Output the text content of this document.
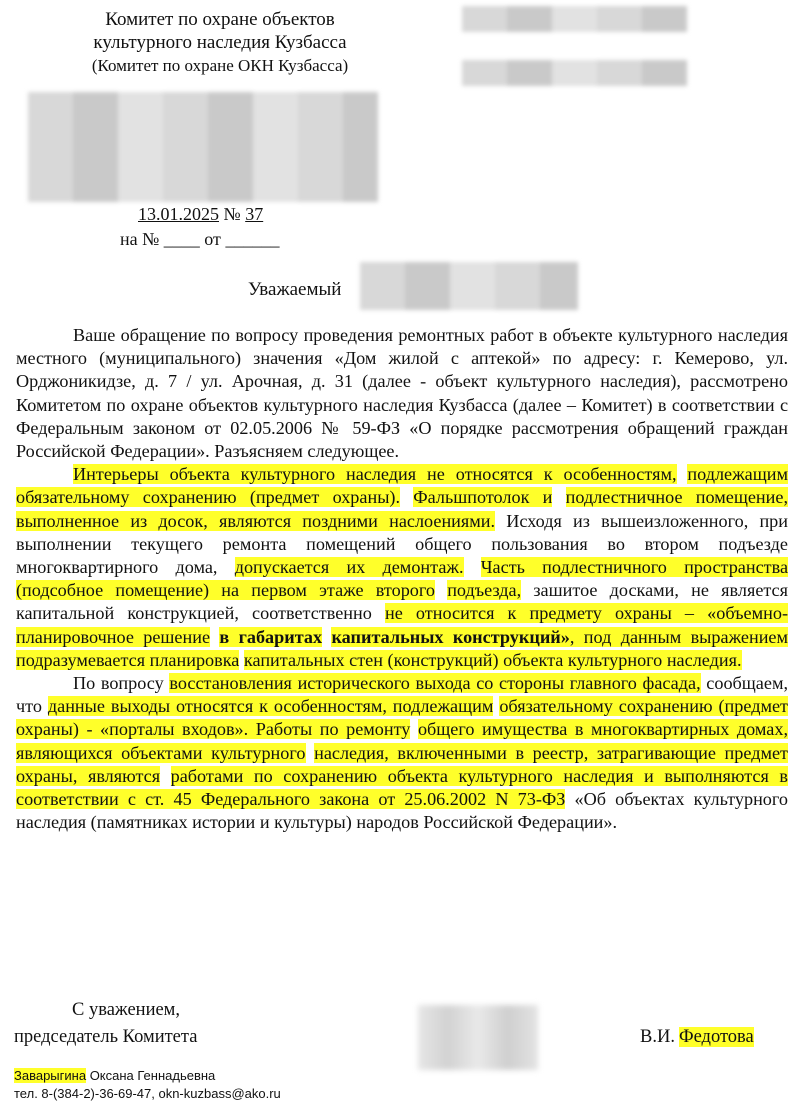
Комитет по охране объектов
культурного наследия Кузбасса
(Комитет по охране ОКН Кузбасса)
13.01.2025 № 37
на № ____ от ______
Уважаемый

Ваше обращение по вопросу проведения ремонтных работ в объекте культурного наследия местного (муниципального) значения «Дом жилой с аптекой» по адресу: г. Кемерово, ул. Орджоникидзе, д. 7 / ул. Арочная, д. 31 (далее - объект культурного наследия), рассмотрено Комитетом по охране объектов культурного наследия Кузбасса (далее – Комитет) в соответствии с Федеральным законом от 02.05.2006 № 59-ФЗ «О порядке рассмотрения обращений граждан Российской Федерации». Разъясняем следующее.

Интерьеры объекта культурного наследия не относятся к особенностям, подлежащим обязательному сохранению (предмет охраны). Фальшпотолок и подлестничное помещение, выполненное из досок, являются поздними наслоениями. Исходя из вышеизложенного, при выполнении текущего ремонта помещений общего пользования во втором подъезде многоквартирного дома, допускается их демонтаж. Часть подлестничного пространства (подсобное помещение) на первом этаже второго подъезда, зашитое досками, не является капитальной конструкцией, соответственно не относится к предмету охраны – «объемно-планировочное решение в габаритах капитальных конструкций», под данным выражением подразумевается планировка капитальных стен (конструкций) объекта культурного наследия.

По вопросу восстановления исторического выхода со стороны главного фасада, сообщаем, что данные выходы относятся к особенностям, подлежащим обязательному сохранению (предмет охраны) - «порталы входов». Работы по ремонту общего имущества в многоквартирных домах, являющихся объектами культурного наследия, включенными в реестр, затрагивающие предмет охраны, являются работами по сохранению объекта культурного наследия и выполняются в соответствии с ст. 45 Федерального закона от 25.06.2002 N 73-ФЗ «Об объектах культурного наследия (памятниках истории и культуры) народов Российской Федерации».

С уважением,
председатель Комитета	В.И. Федотова
Заварыгина Оксана Геннадьевна
тел. 8-(384-2)-36-69-47, okn-kuzbass@ako.ru
